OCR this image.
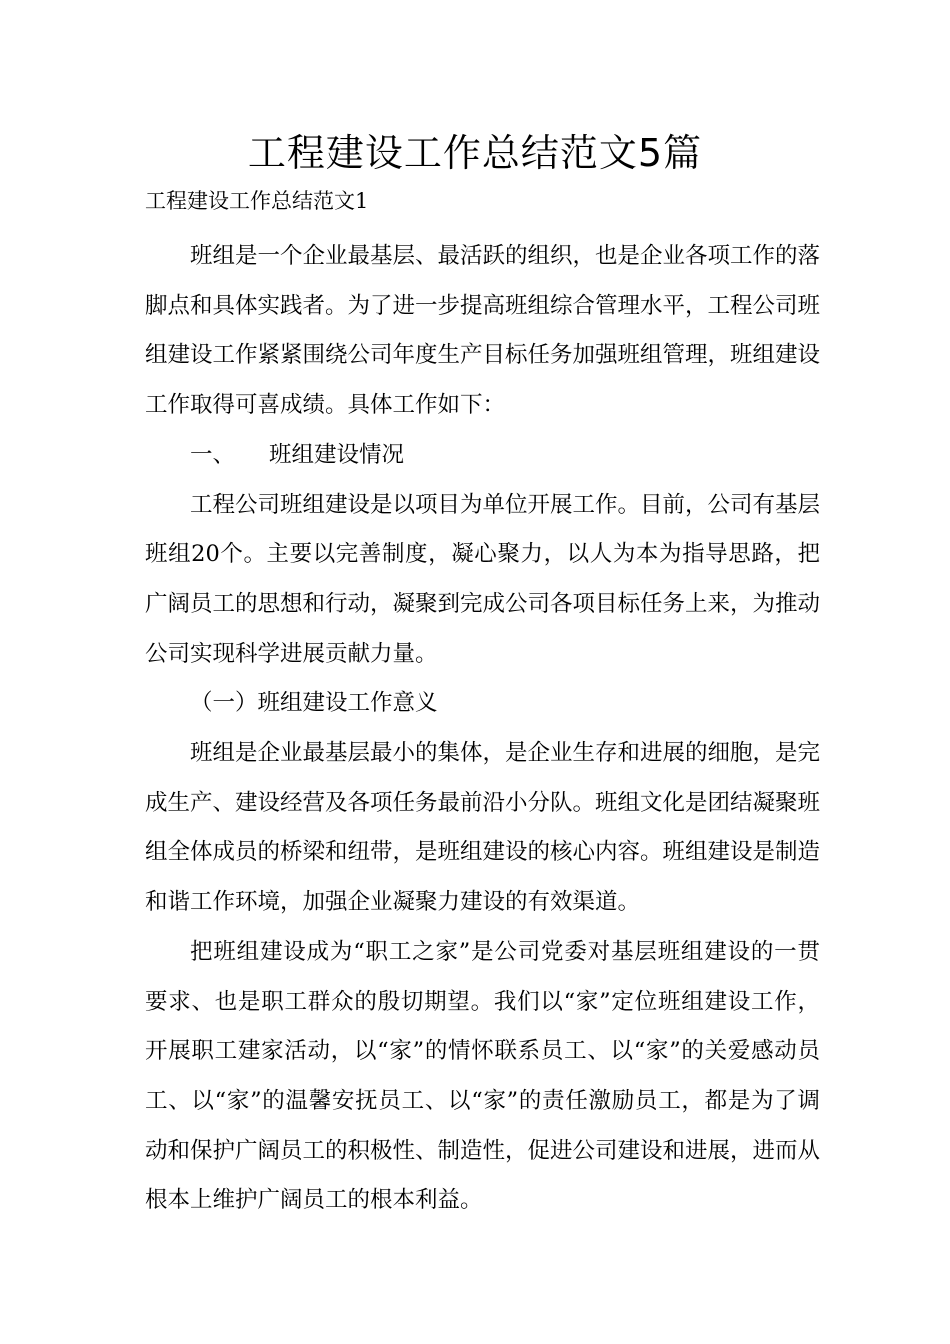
工程建设工作总结范文5篇
工程建设工作总结范文1

班组是一个企业最基层、最活跃的组织，也是企业各项工作的落脚点和具体实践者。为了进一步提高班组综合管理水平，工程公司班组建设工作紧紧围绕公司年度生产目标任务加强班组管理，班组建设工作取得可喜成绩。具体工作如下：

一、 班组建设情况

工程公司班组建设是以项目为单位开展工作。目前，公司有基层班组20个。主要以完善制度，凝心聚力，以人为本为指导思路，把广阔员工的思想和行动，凝聚到完成公司各项目标任务上来，为推动公司实现科学进展贡献力量。

（一）班组建设工作意义

班组是企业最基层最小的集体，是企业生存和进展的细胞，是完成生产、建设经营及各项任务最前沿小分队。班组文化是团结凝聚班组全体成员的桥梁和纽带，是班组建设的核心内容。班组建设是制造和谐工作环境，加强企业凝聚力建设的有效渠道。

把班组建设成为“职工之家”是公司党委对基层班组建设的一贯要求、也是职工群众的殷切期望。我们以“家”定位班组建设工作，开展职工建家活动，以“家”的情怀联系员工、以“家”的关爱感动员工、以“家”的温馨安抚员工、以“家”的责任激励员工，都是为了调动和保护广阔员工的积极性、制造性，促进公司建设和进展，进而从根本上维护广阔员工的根本利益。
